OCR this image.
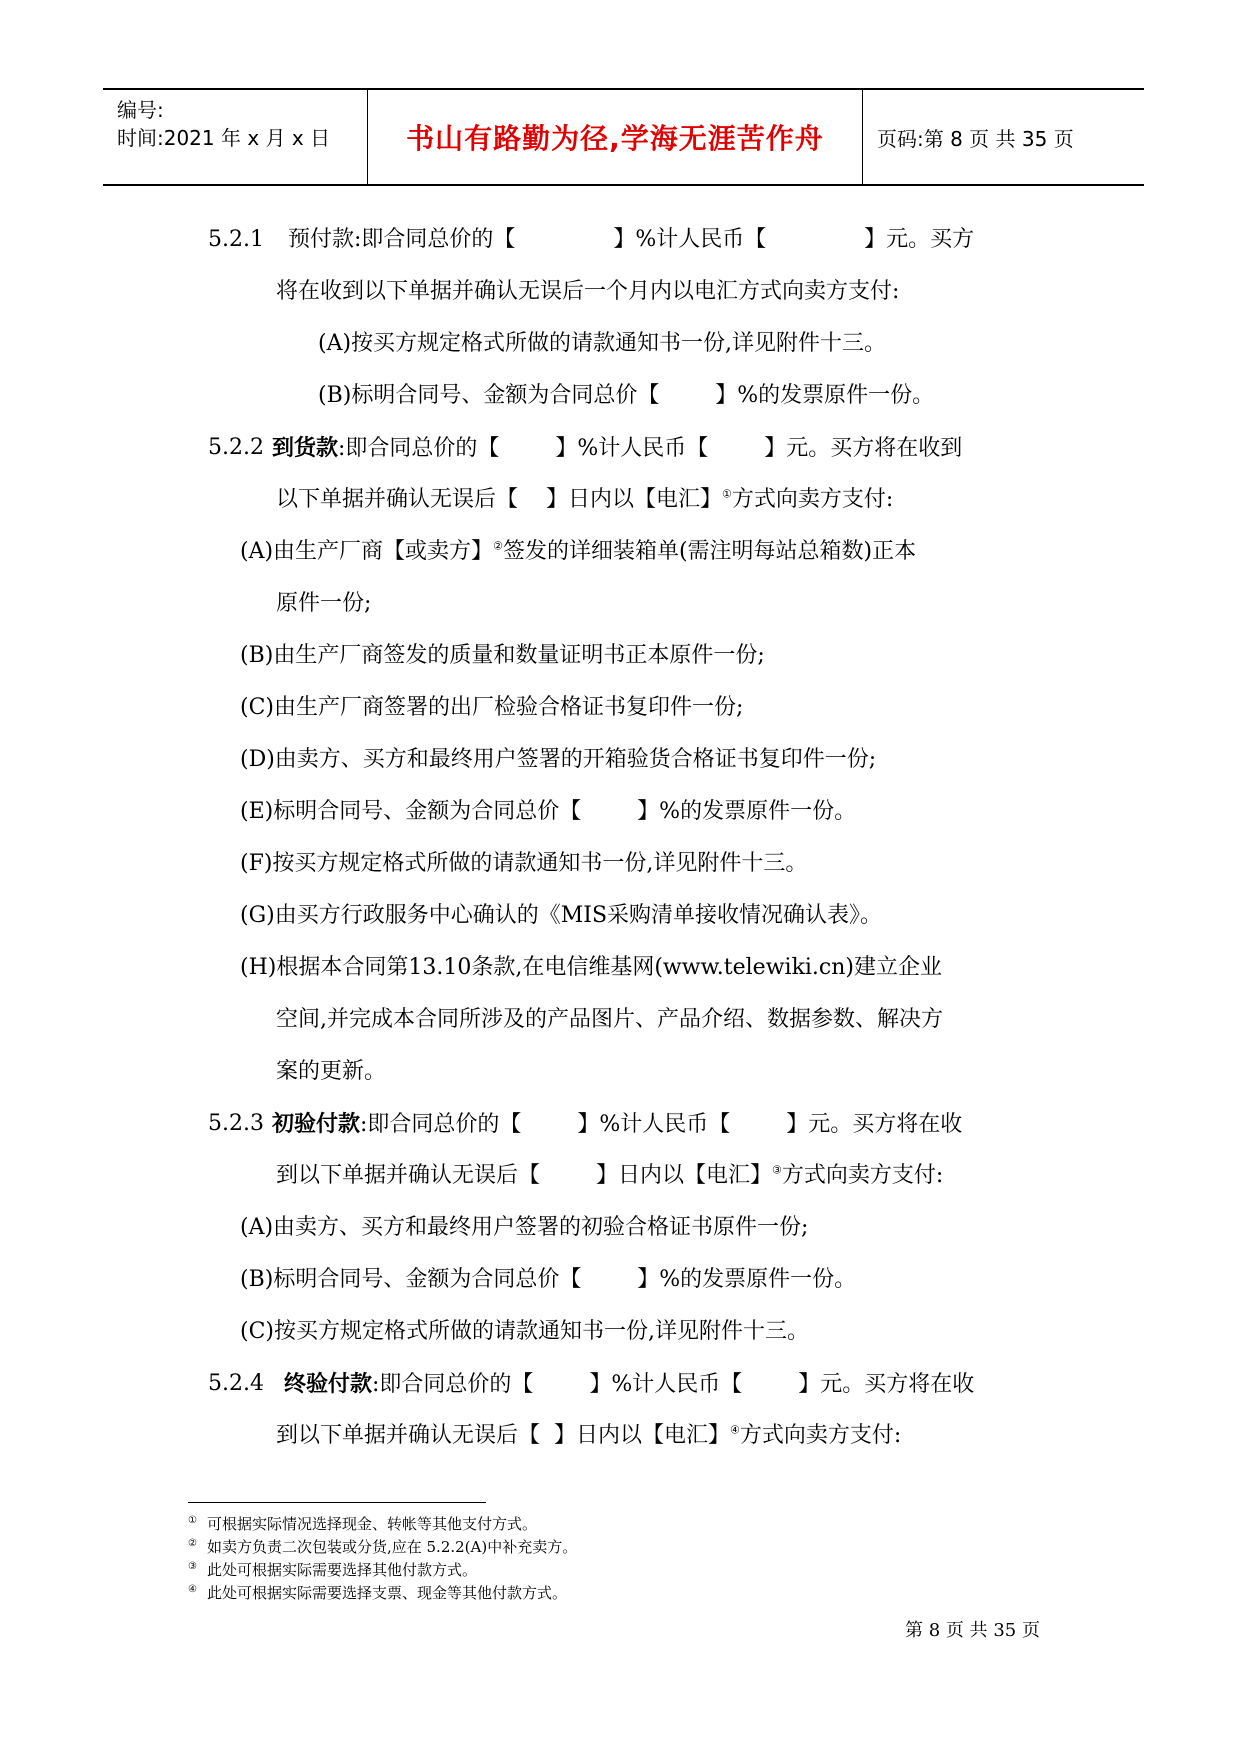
编号:
时间:2021 年 x 月 x 日	书山有路勤为径,学海无涯苦作舟	页码:第 8 页 共 35 页
5.2.1 预付款:即合同总价的【              】%计人民币【              】元。买方
将在收到以下单据并确认无误后一个月内以电汇方式向卖方支付:
(A)按买方规定格式所做的请款通知书一份,详见附件十三。
(B)标明合同号、金额为合同总价【        】%的发票原件一份。
5.2.2 到货款:即合同总价的【        】%计人民币【        】元。买方将在收到
以下单据并确认无误后【    】日内以【电汇】①方式向卖方支付:
(A)由生产厂商【或卖方】②签发的详细装箱单(需注明每站总箱数)正本
原件一份;
(B)由生产厂商签发的质量和数量证明书正本原件一份;
(C)由生产厂商签署的出厂检验合格证书复印件一份;
(D)由卖方、买方和最终用户签署的开箱验货合格证书复印件一份;
(E)标明合同号、金额为合同总价【        】%的发票原件一份。
(F)按买方规定格式所做的请款通知书一份,详见附件十三。
(G)由买方行政服务中心确认的《MIS采购清单接收情况确认表》。
(H)根据本合同第13.10条款,在电信维基网(www.telewiki.cn)建立企业
空间,并完成本合同所涉及的产品图片、产品介绍、数据参数、解决方
案的更新。
5.2.3 初验付款:即合同总价的【        】%计人民币【        】元。买方将在收
到以下单据并确认无误后【        】日内以【电汇】③方式向卖方支付:
(A)由卖方、买方和最终用户签署的初验合格证书原件一份;
(B)标明合同号、金额为合同总价【        】%的发票原件一份。
(C)按买方规定格式所做的请款通知书一份,详见附件十三。
5.2.4 终验付款:即合同总价的【        】%计人民币【        】元。买方将在收
到以下单据并确认无误后【  】日内以【电汇】④方式向卖方支付:
① 可根据实际情况选择现金、转帐等其他支付方式。
② 如卖方负责二次包装或分货,应在 5.2.2(A)中补充卖方。
③ 此处可根据实际需要选择其他付款方式。
④ 此处可根据实际需要选择支票、现金等其他付款方式。
第 8 页 共 35 页
